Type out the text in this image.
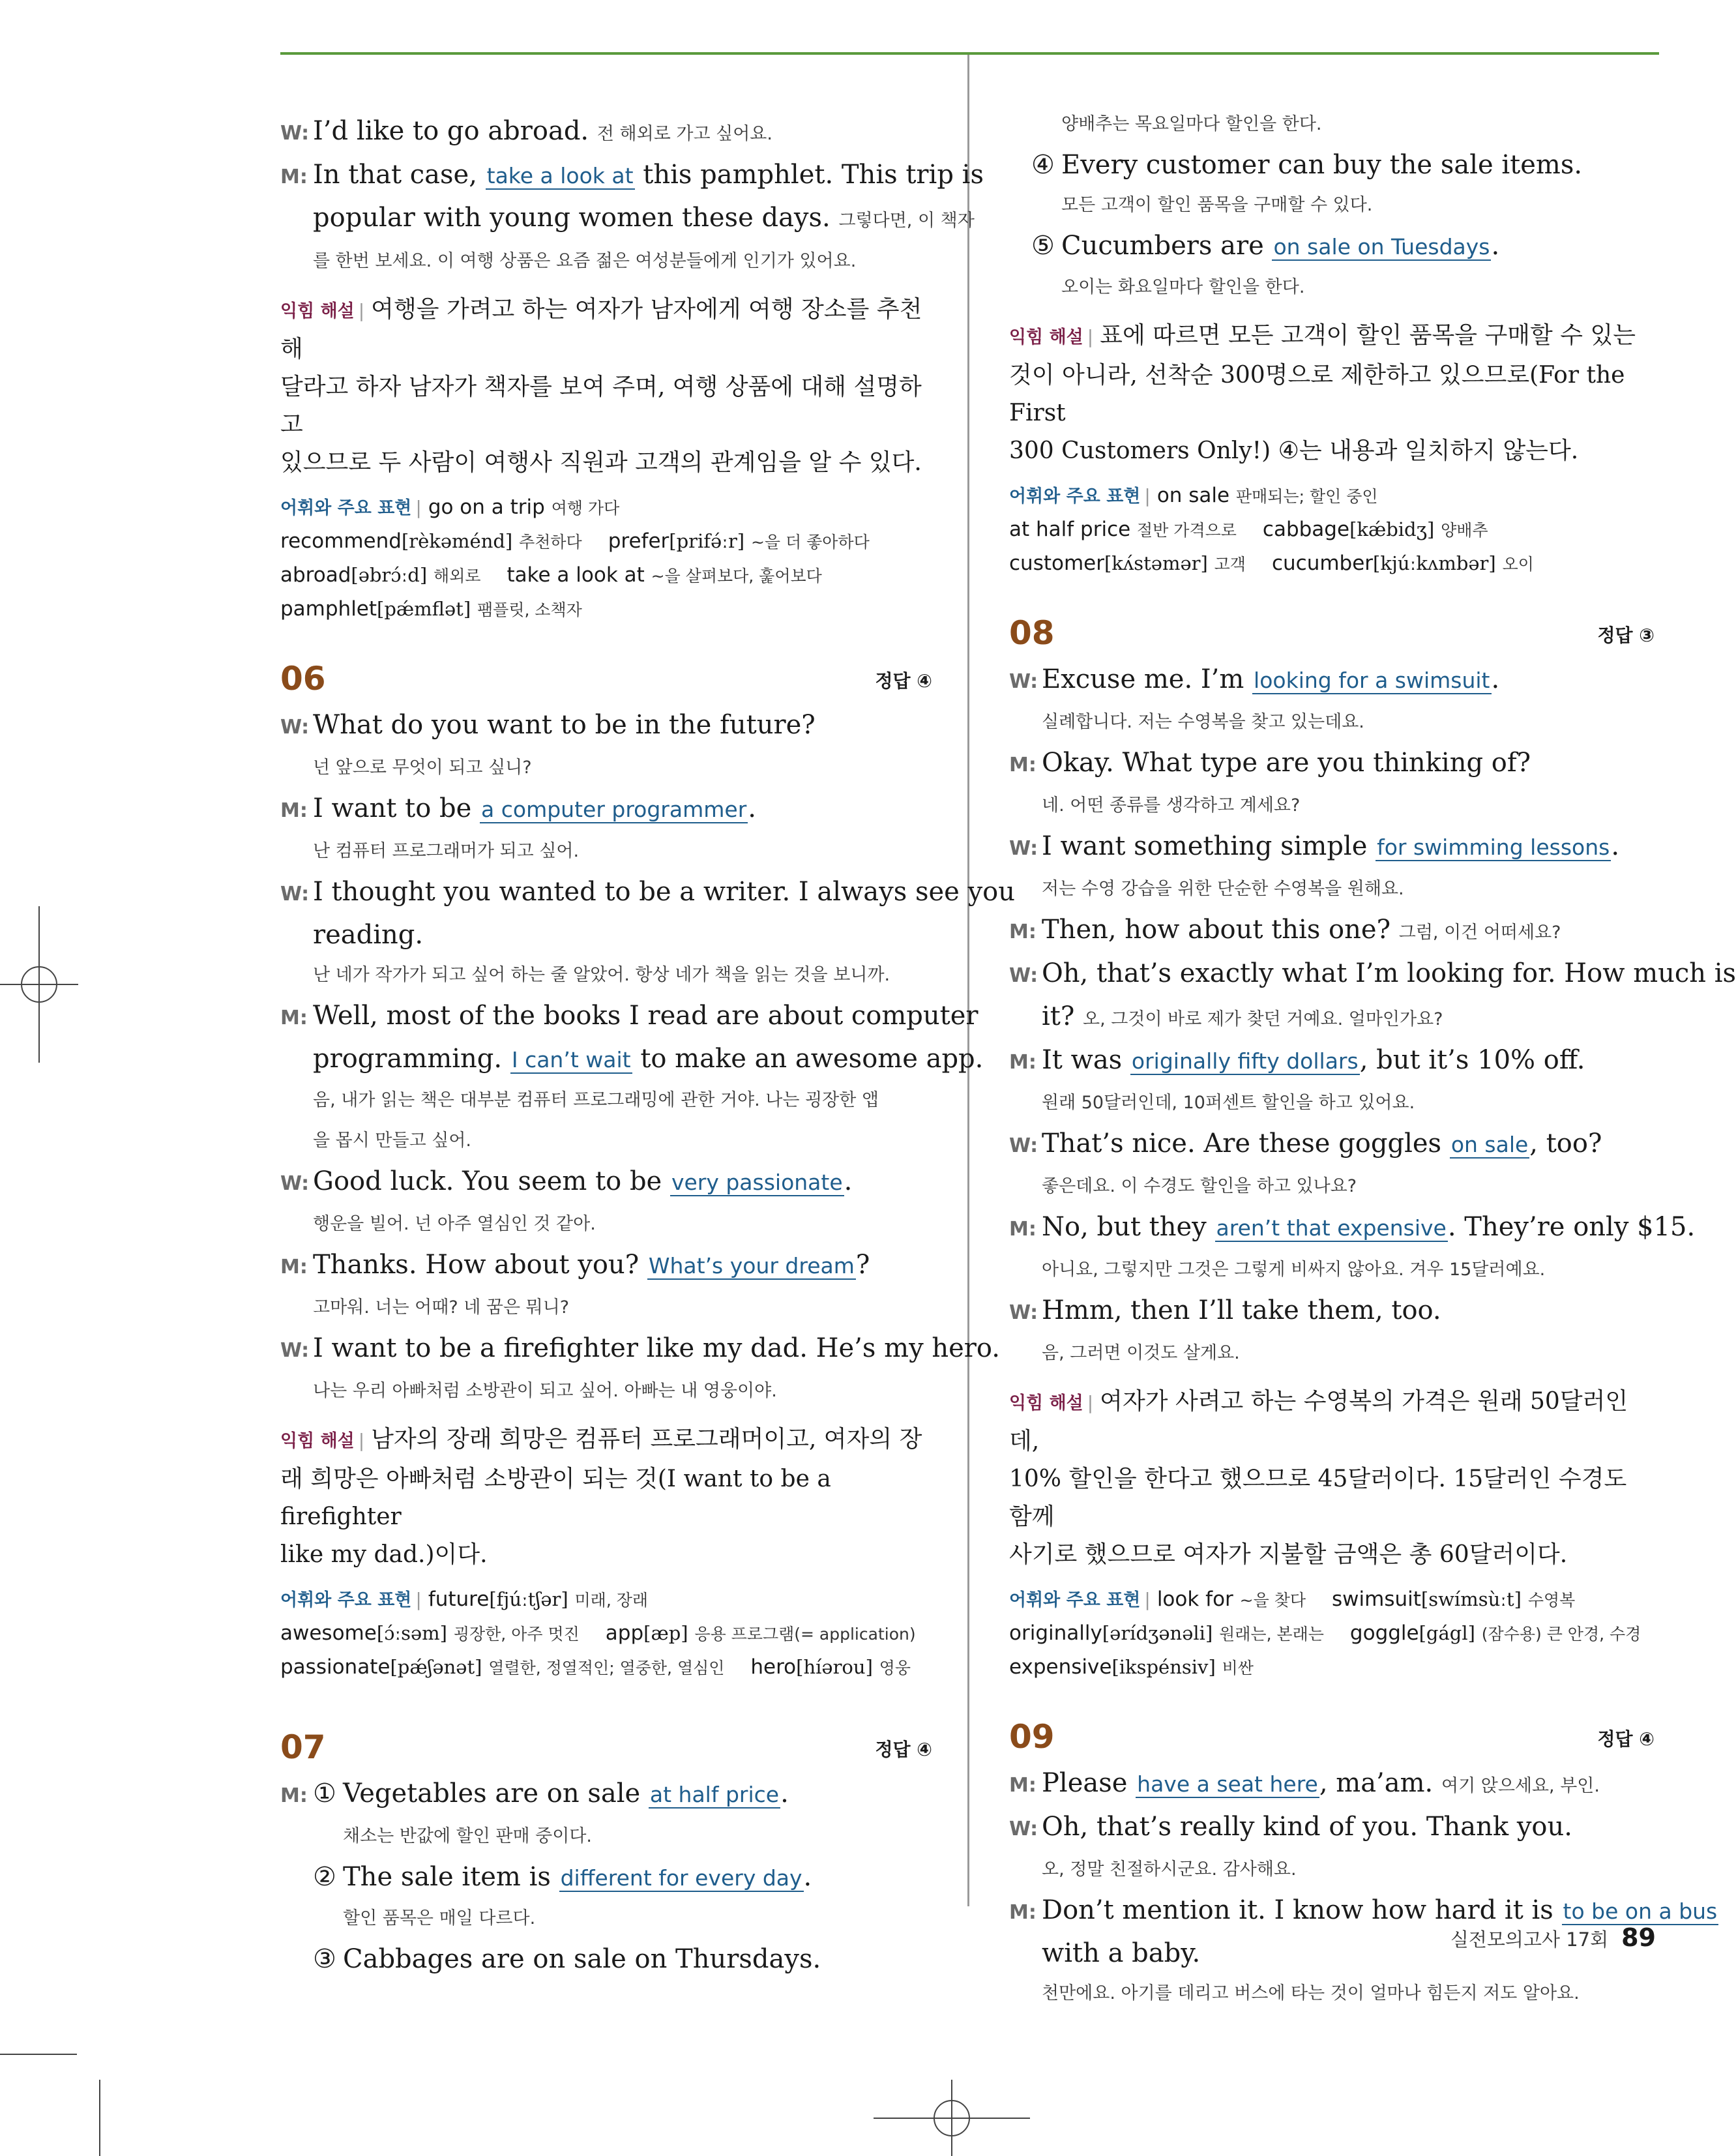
W: I’d like to go abroad. 전 해외로 가고 싶어요.
M: In that case, take a look at this pamphlet. This trip is
popular with young women these days. 그렇다면, 이 책자
를 한번 보세요. 이 여행 상품은 요즘 젊은 여성분들에게 인기가 있어요.
익힘 해설 | 여행을 가려고 하는 여자가 남자에게 여행 장소를 추천해
달라고 하자 남자가 책자를 보여 주며, 여행 상품에 대해 설명하고
있으므로 두 사람이 여행사 직원과 고객의 관계임을 알 수 있다.
어휘와 주요 표현 | go on a trip 여행 가다
recommend[rèkəménd] 추천하다 prefer[prifə́ːr] ~을 더 좋아하다
abroad[əbrɔ́ːd] 해외로 take a look at ~을 살펴보다, 훑어보다
pamphlet[pǽmflət] 팸플릿, 소책자
06	정답 ④
W: What do you want to be in the future?
넌 앞으로 무엇이 되고 싶니?
M: I want to be a computer programmer.
난 컴퓨터 프로그래머가 되고 싶어.
W: I thought you wanted to be a writer. I always see you
reading.
난 네가 작가가 되고 싶어 하는 줄 알았어. 항상 네가 책을 읽는 것을 보니까.
M: Well, most of the books I read are about computer
programming. I can’t wait to make an awesome app.
음, 내가 읽는 책은 대부분 컴퓨터 프로그래밍에 관한 거야. 나는 굉장한 앱
을 몹시 만들고 싶어.
W: Good luck. You seem to be very passionate.
행운을 빌어. 넌 아주 열심인 것 같아.
M: Thanks. How about you? What’s your dream?
고마워. 너는 어때? 네 꿈은 뭐니?
W: I want to be a firefighter like my dad. He’s my hero.
나는 우리 아빠처럼 소방관이 되고 싶어. 아빠는 내 영웅이야.
익힘 해설 | 남자의 장래 희망은 컴퓨터 프로그래머이고, 여자의 장
래 희망은 아빠처럼 소방관이 되는 것(I want to be a firefighter
like my dad.)이다.
어휘와 주요 표현 | future[fjúːtʃər] 미래, 장래
awesome[ɔ́ːsəm] 굉장한, 아주 멋진 app[æp] 응용 프로그램(= application)
passionate[pǽʃənət] 열렬한, 정열적인; 열중한, 열심인 hero[híərou] 영웅
07	정답 ④
M: ① Vegetables are on sale at half price.
채소는 반값에 할인 판매 중이다.
② The sale item is different for every day.
할인 품목은 매일 다르다.
③ Cabbages are on sale on Thursdays.
양배추는 목요일마다 할인을 한다.
④ Every customer can buy the sale items.
모든 고객이 할인 품목을 구매할 수 있다.
⑤ Cucumbers are on sale on Tuesdays.
오이는 화요일마다 할인을 한다.
익힘 해설 | 표에 따르면 모든 고객이 할인 품목을 구매할 수 있는
것이 아니라, 선착순 300명으로 제한하고 있으므로(For the First
300 Customers Only!) ④는 내용과 일치하지 않는다.
어휘와 주요 표현 | on sale 판매되는; 할인 중인
at half price 절반 가격으로 cabbage[kǽbidʒ] 양배추
customer[kʌ́stəmər] 고객 cucumber[kjúːkʌmbər] 오이
08	정답 ③
W: Excuse me. I’m looking for a swimsuit.
실례합니다. 저는 수영복을 찾고 있는데요.
M: Okay. What type are you thinking of?
네. 어떤 종류를 생각하고 계세요?
W: I want something simple for swimming lessons.
저는 수영 강습을 위한 단순한 수영복을 원해요.
M: Then, how about this one? 그럼, 이건 어떠세요?
W: Oh, that’s exactly what I’m looking for. How much is
it? 오, 그것이 바로 제가 찾던 거예요. 얼마인가요?
M: It was originally fifty dollars, but it’s 10% off.
원래 50달러인데, 10퍼센트 할인을 하고 있어요.
W: That’s nice. Are these goggles on sale, too?
좋은데요. 이 수경도 할인을 하고 있나요?
M: No, but they aren’t that expensive. They’re only $15.
아니요, 그렇지만 그것은 그렇게 비싸지 않아요. 겨우 15달러예요.
W: Hmm, then I’ll take them, too.
음, 그러면 이것도 살게요.
익힘 해설 | 여자가 사려고 하는 수영복의 가격은 원래 50달러인데,
10% 할인을 한다고 했으므로 45달러이다. 15달러인 수경도 함께
사기로 했으므로 여자가 지불할 금액은 총 60달러이다.
어휘와 주요 표현 | look for ~을 찾다 swimsuit[swímsùːt] 수영복
originally[ərídʒənəli] 원래는, 본래는 goggle[gágl] (잠수용) 큰 안경, 수경
expensive[ikspénsiv] 비싼
09	정답 ④
M: Please have a seat here, ma’am. 여기 앉으세요, 부인.
W: Oh, that’s really kind of you. Thank you.
오, 정말 친절하시군요. 감사해요.
M: Don’t mention it. I know how hard it is to be on a bus
with a baby.
천만에요. 아기를 데리고 버스에 타는 것이 얼마나 힘든지 저도 알아요.
실전모의고사 17회 89
